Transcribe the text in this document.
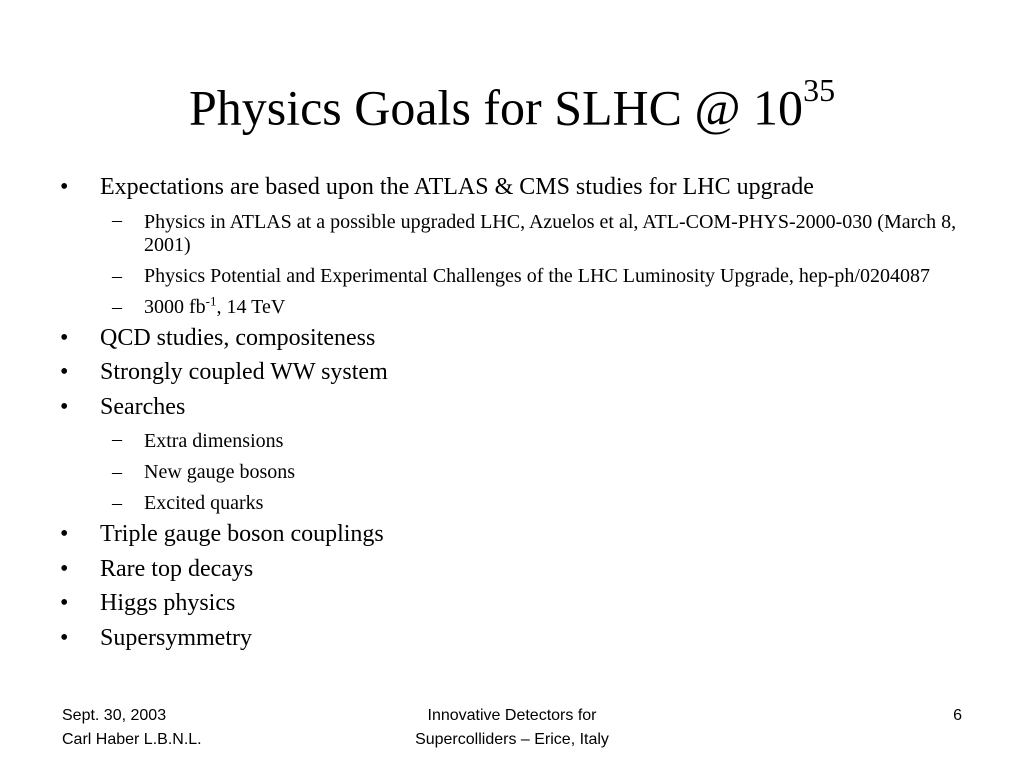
Physics Goals for SLHC @ $10^{35}$
• Expectations are based upon the ATLAS & CMS studies for LHC upgrade
– Physics in ATLAS at a possible upgraded LHC, Azuelos et al, ATL-COM-PHYS-2000-030 (March 8, 2001)
– Physics Potential and Experimental Challenges of the LHC Luminosity Upgrade, hep-ph/0204087
– 3000 $fb^{-1}$, 14 TeV
• QCD studies, compositeness
• Strongly coupled WW system
• Searches
– Extra dimensions
– New gauge bosons
– Excited quarks
• Triple gauge boson couplings
• Rare top decays
• Higgs physics
• Supersymmetry
Sept. 30, 2003
Carl Haber L.B.N.L.
Innovative Detectors for
Supercolliders – Erice, Italy
6
